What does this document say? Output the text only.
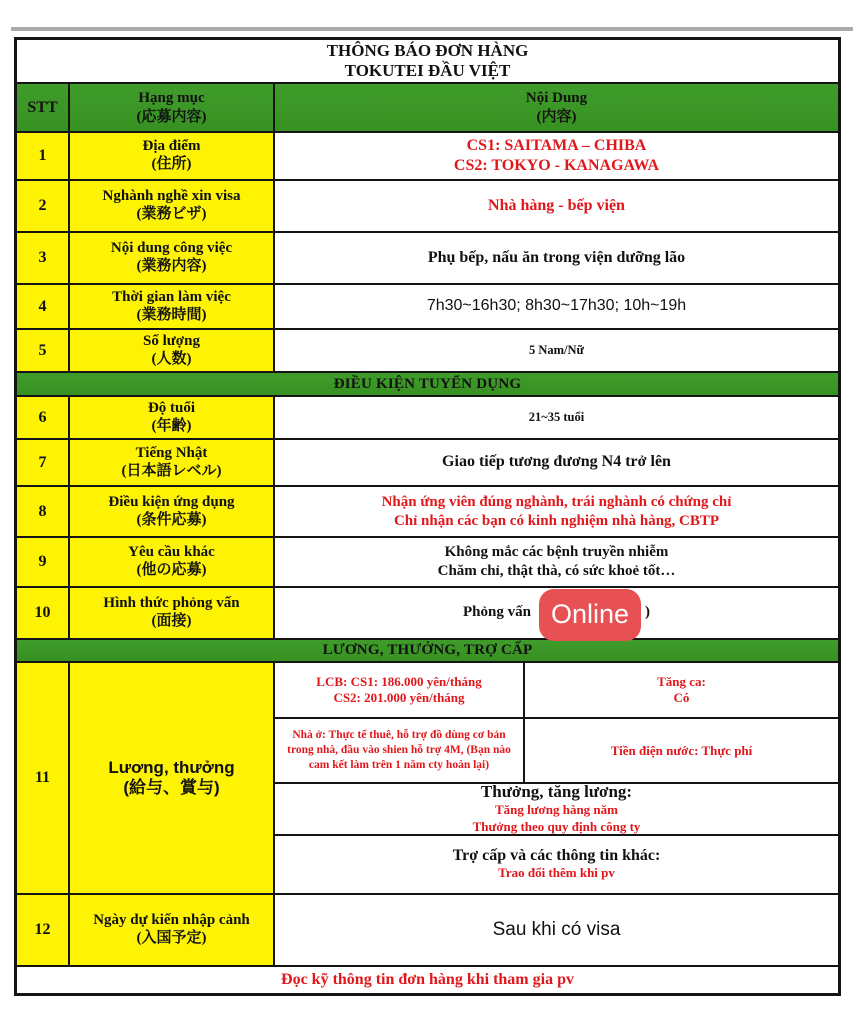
THÔNG BÁO ĐƠN HÀNG
TOKUTEI ĐẦU VIỆT
STT
Hạng mục
(応募内容)
Nội Dung
(内容)
1
Địa điểm
(住所)
CS1: SAITAMA – CHIBA
CS2: TOKYO - KANAGAWA
2
Nghành nghề xin visa
(業務ビザ)
Nhà hàng - bếp viện
3
Nội dung công việc
(業務内容)
Phụ bếp, nấu ăn trong viện dưỡng lão
4
Thời gian làm việc
(業務時間)
7h30~16h30; 8h30~17h30; 10h~19h
5
Số lượng
(人数)
5 Nam/Nữ
ĐIỀU KIỆN TUYỂN DỤNG
6
Độ tuổi
(年齢)
21~35 tuổi
7
Tiếng Nhật
(日本語レベル)
Giao tiếp tương đương N4 trở lên
8
Điều kiện ứng dụng
(条件応募)
Nhận ứng viên đúng nghành, trái nghành có chứng chỉ
Chỉ nhận các bạn có kinh nghiệm nhà hàng, CBTP
9
Yêu cầu khác
(他の応募)
Không mắc các bệnh truyền nhiễm
Chăm chỉ, thật thà, có sức khoẻ tốt…
10
Hình thức phỏng vấn
(面接)
Phỏng vấn Online	)
LƯƠNG, THƯỞNG, TRỢ CẤP
11
Lương, thưởng
(給与、賞与)
LCB: CS1: 186.000 yên/tháng
CS2: 201.000 yên/tháng
Tăng ca:
Có
Nhà ở: Thực tế thuê, hỗ trợ đồ dùng cơ bản trong nhà, đầu vào shien hỗ trợ 4M, (Bạn nào cam kết làm trên 1 năm cty hoàn lại)
Tiền điện nước: Thực phí
Thưởng, tăng lương:
Tăng lương hàng năm
Thưởng theo quy định công ty
Trợ cấp và các thông tin khác:
Trao đổi thêm khi pv
12
Ngày dự kiến nhập cảnh
(入国予定)	Sau khi có visa
Đọc kỹ thông tin đơn hàng khi tham gia pv
